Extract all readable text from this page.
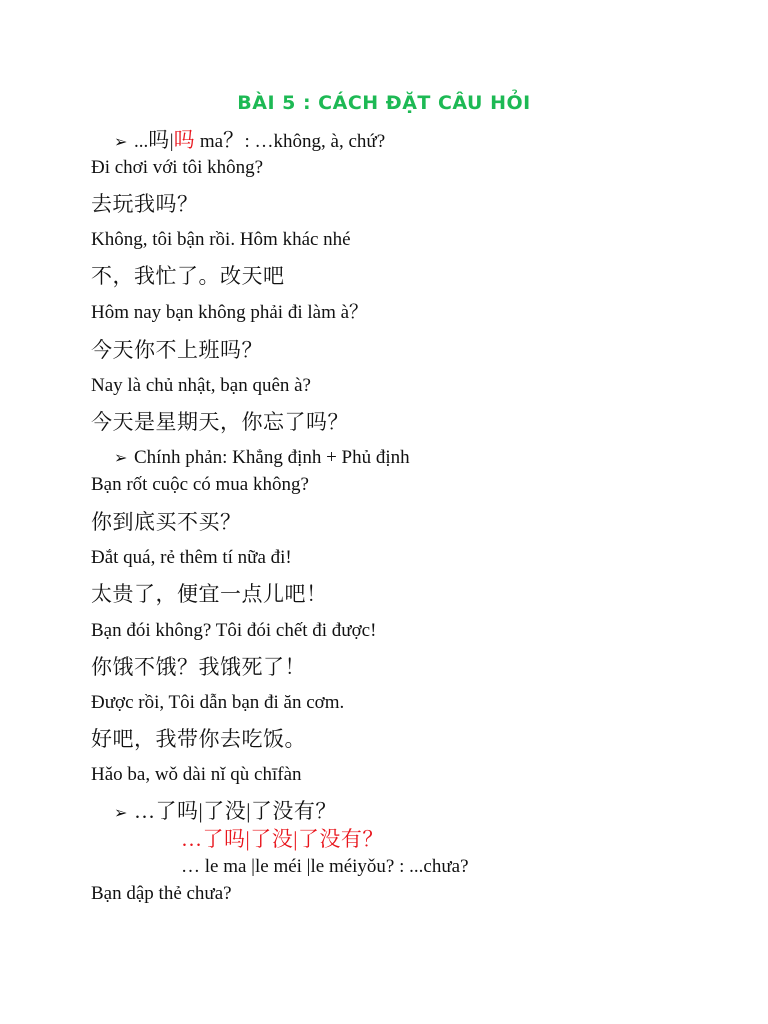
BÀI 5 : CÁCH ĐẶT CÂU HỎI
➢ ...吗|吗 ma？: …không, à, chứ?
Đi chơi với tôi không?
去玩我吗？
Không, tôi bận rồi. Hôm khác nhé
不，我忙了。改天吧
Hôm nay bạn không phải đi làm à？
今天你不上班吗？
Nay là chủ nhật, bạn quên à?
今天是星期天，你忘了吗？
➢ Chính phản: Khẳng định + Phủ định
Bạn rốt cuộc có mua không?
你到底买不买？
Đắt quá, rẻ thêm tí nữa đi!
太贵了，便宜一点儿吧！
Bạn đói không? Tôi đói chết đi được!
你饿不饿？我饿死了！
Được rồi, Tôi dẫn bạn đi ăn cơm.
好吧，我带你去吃饭。
Hǎo ba, wǒ dài nǐ qù chīfàn
➢ …了吗|了没|了没有？
…了吗|了没|了没有？
… le ma |le méi |le méiyǒu? : ...chưa?
Bạn dập thẻ chưa?
